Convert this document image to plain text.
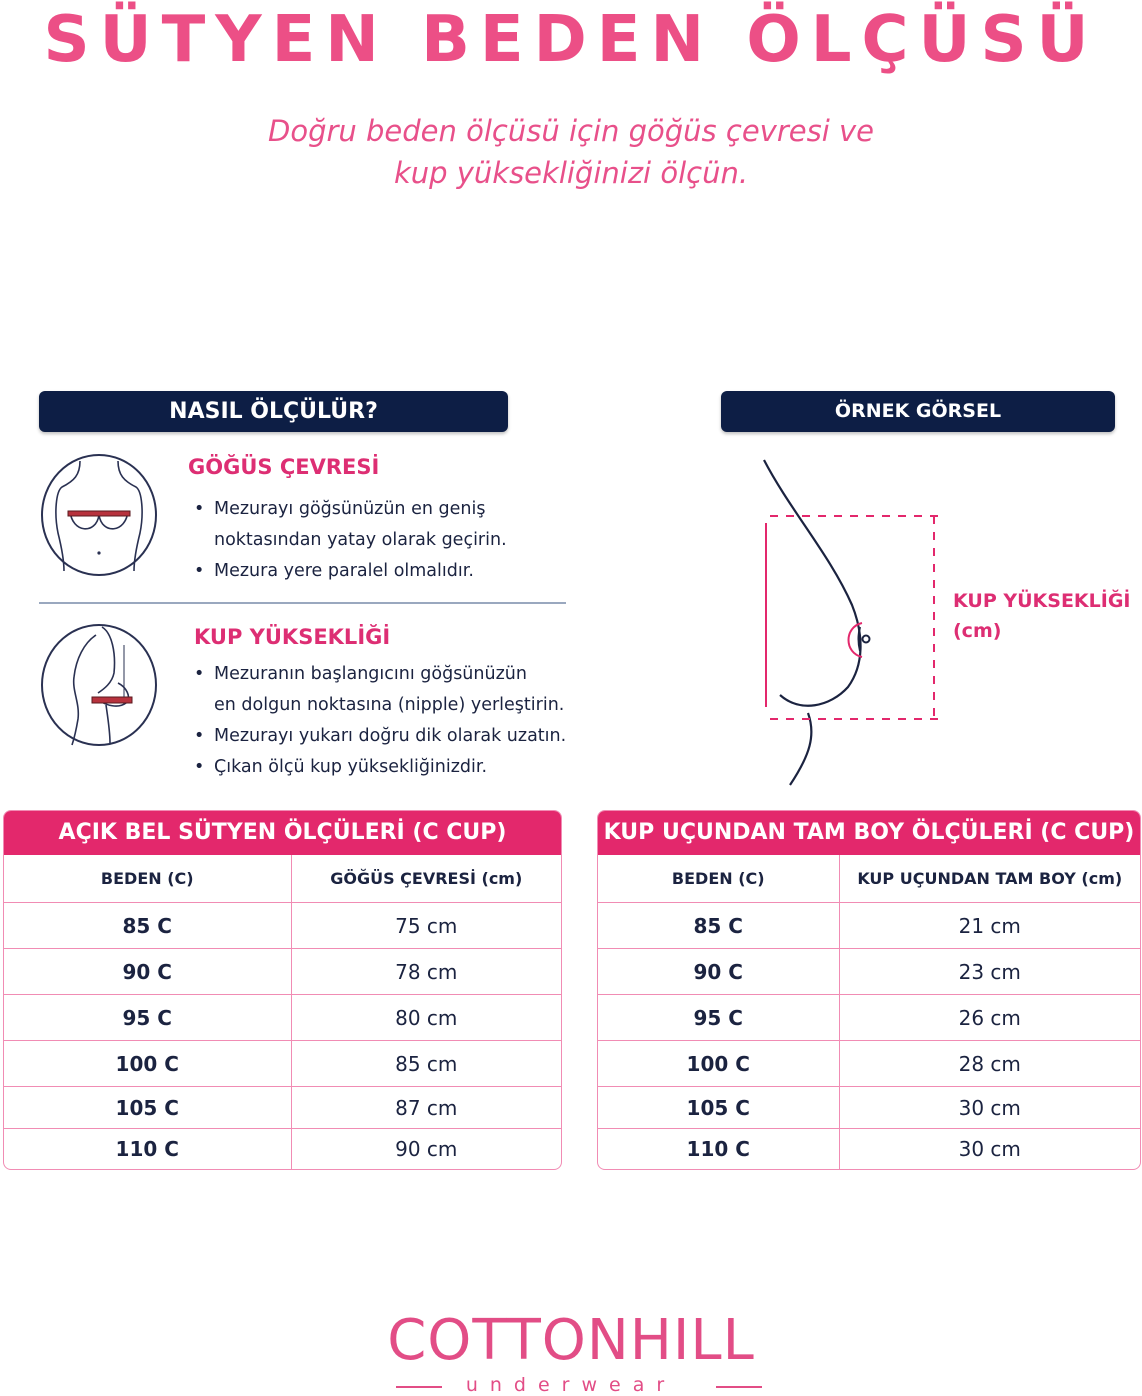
SÜTYEN BEDEN ÖLÇÜSÜ
Doğru beden ölçüsü için göğüs çevresi ve
kup yüksekliğinizi ölçün.
NASIL ÖLÇÜLÜR?
GÖĞÜS ÇEVRESİ
• Mezurayı göğsünüzün en geniş
noktasından yatay olarak geçirin.
• Mezura yere paralel olmalıdır.
KUP YÜKSEKLİĞİ
• Mezuranın başlangıcını göğsünüzün
en dolgun noktasına (nipple) yerleştirin.
• Mezurayı yukarı doğru dik olarak uzatın.
• Çıkan ölçü kup yüksekliğinizdir.
ÖRNEK GÖRSEL
KUP YÜKSEKLİĞİ
(cm)
AÇIK BEL SÜTYEN ÖLÇÜLERİ (C CUP)
BEDEN (C)	GÖĞÜS ÇEVRESİ (cm)
85 C	75 cm
90 C	78 cm
95 C	80 cm
100 C	85 cm
105 C	87 cm
110 C	90 cm
KUP UÇUNDAN TAM BOY ÖLÇÜLERİ (C CUP)
BEDEN (C)	KUP UÇUNDAN TAM BOY (cm)
85 C	21 cm
90 C	23 cm
95 C	26 cm
100 C	28 cm
105 C	30 cm
110 C	30 cm
COTTONHILL
underwear
